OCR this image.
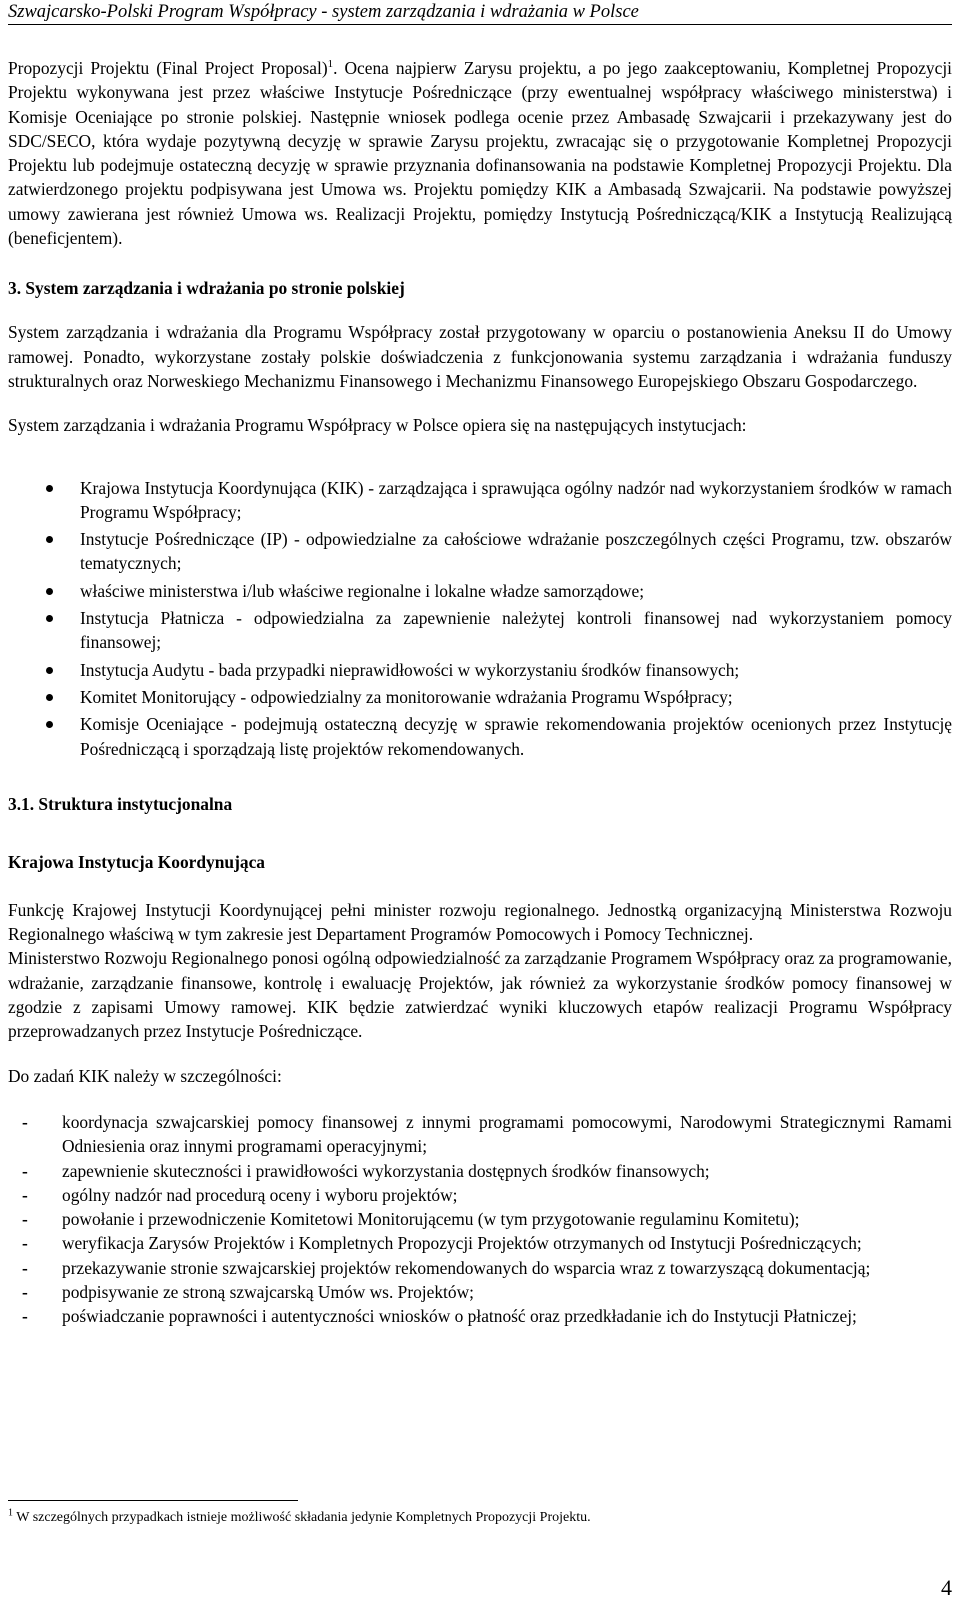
Szwajcarsko-Polski Program Współpracy - system zarządzania i wdrażania w Polsce

Propozycji Projektu (Final Project Proposal)$^1$. Ocena najpierw Zarysu projektu, a po jego zaakceptowaniu, Kompletnej Propozycji Projektu wykonywana jest przez właściwe Instytucje Pośredniczące (przy ewentualnej współpracy właściwego ministerstwa) i Komisje Oceniające po stronie polskiej. Następnie wniosek podlega ocenie przez Ambasadę Szwajcarii i przekazywany jest do SDC/SECO, która wydaje pozytywną decyzję w sprawie Zarysu projektu, zwracając się o przygotowanie Kompletnej Propozycji Projektu lub podejmuje ostateczną decyzję w sprawie przyznania dofinansowania na podstawie Kompletnej Propozycji Projektu. Dla zatwierdzonego projektu podpisywana jest Umowa ws. Projektu pomiędzy KIK a Ambasadą Szwajcarii. Na podstawie powyższej umowy zawierana jest również Umowa ws. Realizacji Projektu, pomiędzy Instytucją Pośredniczącą/KIK a Instytucją Realizującą (beneficjentem).

3. System zarządzania i wdrażania po stronie polskiej

System zarządzania i wdrażania dla Programu Współpracy został przygotowany w oparciu o postanowienia Aneksu II do Umowy ramowej. Ponadto, wykorzystane zostały polskie doświadczenia z funkcjonowania systemu zarządzania i wdrażania funduszy strukturalnych oraz Norweskiego Mechanizmu Finansowego i Mechanizmu Finansowego Europejskiego Obszaru Gospodarczego.

System zarządzania i wdrażania Programu Współpracy w Polsce opiera się na następujących instytucjach:

Krajowa Instytucja Koordynująca (KIK) - zarządzająca i sprawująca ogólny nadzór nad wykorzystaniem środków w ramach Programu Współpracy;
Instytucje Pośredniczące (IP) - odpowiedzialne za całościowe wdrażanie poszczególnych części Programu, tzw. obszarów tematycznych;
właściwe ministerstwa i/lub właściwe regionalne i lokalne władze samorządowe;
Instytucja Płatnicza - odpowiedzialna za zapewnienie należytej kontroli finansowej nad wykorzystaniem pomocy finansowej;
Instytucja Audytu - bada przypadki nieprawidłowości w wykorzystaniu środków finansowych;
Komitet Monitorujący - odpowiedzialny za monitorowanie wdrażania Programu Współpracy;
Komisje Oceniające - podejmują ostateczną decyzję w sprawie rekomendowania projektów ocenionych przez Instytucję Pośredniczącą i sporządzają listę projektów rekomendowanych.
3.1. Struktura instytucjonalna
Krajowa Instytucja Koordynująca

Funkcję Krajowej Instytucji Koordynującej pełni minister rozwoju regionalnego. Jednostką organizacyjną Ministerstwa Rozwoju Regionalnego właściwą w tym zakresie jest Departament Programów Pomocowych i Pomocy Technicznej.

Ministerstwo Rozwoju Regionalnego ponosi ogólną odpowiedzialność za zarządzanie Programem Współpracy oraz za programowanie, wdrażanie, zarządzanie finansowe, kontrolę i ewaluację Projektów, jak również za wykorzystanie środków pomocy finansowej w zgodzie z zapisami Umowy ramowej. KIK będzie zatwierdzać wyniki kluczowych etapów realizacji Programu Współpracy przeprowadzanych przez Instytucje Pośredniczące.

Do zadań KIK należy w szczególności:

- koordynacja szwajcarskiej pomocy finansowej z innymi programami pomocowymi, Narodowymi Strategicznymi Ramami Odniesienia oraz innymi programami operacyjnymi;
- zapewnienie skuteczności i prawidłowości wykorzystania dostępnych środków finansowych;
- ogólny nadzór nad procedurą oceny i wyboru projektów;
- powołanie i przewodniczenie Komitetowi Monitorującemu (w tym przygotowanie regulaminu Komitetu);
- weryfikacja Zarysów Projektów i Kompletnych Propozycji Projektów otrzymanych od Instytucji Pośredniczących;
- przekazywanie stronie szwajcarskiej projektów rekomendowanych do wsparcia wraz z towarzyszącą dokumentacją;
- podpisywanie ze stroną szwajcarską Umów ws. Projektów;
- poświadczanie poprawności i autentyczności wniosków o płatność oraz przedkładanie ich do Instytucji Płatniczej;
$^1$ W szczególnych przypadkach istnieje możliwość składania jedynie Kompletnych Propozycji Projektu.
4
